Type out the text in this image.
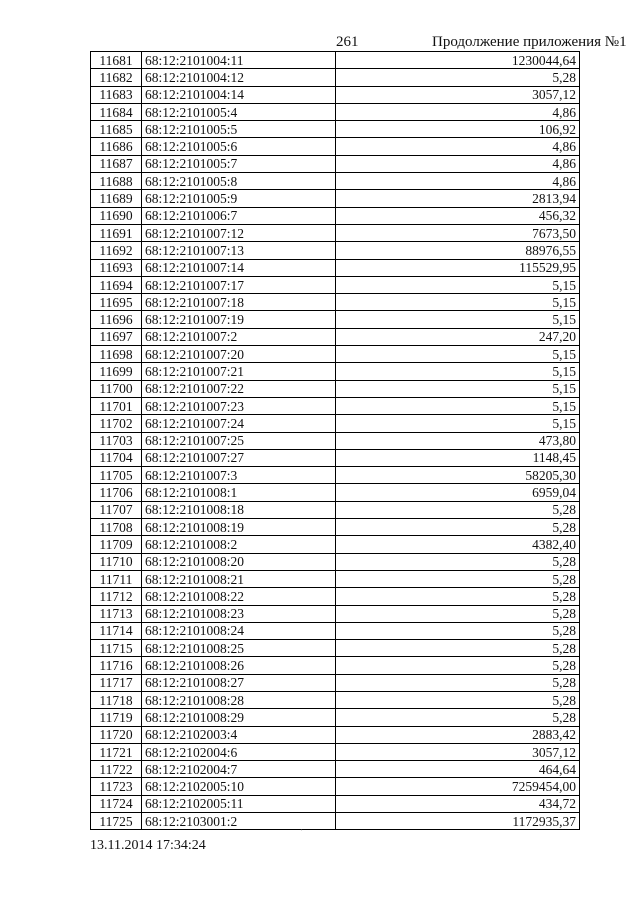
261	Продолжение приложения №1
11681	68:12:2101004:11	1230044,64
11682	68:12:2101004:12	5,28
11683	68:12:2101004:14	3057,12
11684	68:12:2101005:4	4,86
11685	68:12:2101005:5	106,92
11686	68:12:2101005:6	4,86
11687	68:12:2101005:7	4,86
11688	68:12:2101005:8	4,86
11689	68:12:2101005:9	2813,94
11690	68:12:2101006:7	456,32
11691	68:12:2101007:12	7673,50
11692	68:12:2101007:13	88976,55
11693	68:12:2101007:14	115529,95
11694	68:12:2101007:17	5,15
11695	68:12:2101007:18	5,15
11696	68:12:2101007:19	5,15
11697	68:12:2101007:2	247,20
11698	68:12:2101007:20	5,15
11699	68:12:2101007:21	5,15
11700	68:12:2101007:22	5,15
11701	68:12:2101007:23	5,15
11702	68:12:2101007:24	5,15
11703	68:12:2101007:25	473,80
11704	68:12:2101007:27	1148,45
11705	68:12:2101007:3	58205,30
11706	68:12:2101008:1	6959,04
11707	68:12:2101008:18	5,28
11708	68:12:2101008:19	5,28
11709	68:12:2101008:2	4382,40
11710	68:12:2101008:20	5,28
11711	68:12:2101008:21	5,28
11712	68:12:2101008:22	5,28
11713	68:12:2101008:23	5,28
11714	68:12:2101008:24	5,28
11715	68:12:2101008:25	5,28
11716	68:12:2101008:26	5,28
11717	68:12:2101008:27	5,28
11718	68:12:2101008:28	5,28
11719	68:12:2101008:29	5,28
11720	68:12:2102003:4	2883,42
11721	68:12:2102004:6	3057,12
11722	68:12:2102004:7	464,64
11723	68:12:2102005:10	7259454,00
11724	68:12:2102005:11	434,72
11725	68:12:2103001:2	1172935,37
ˈ
13.11.2014 17:34:24
